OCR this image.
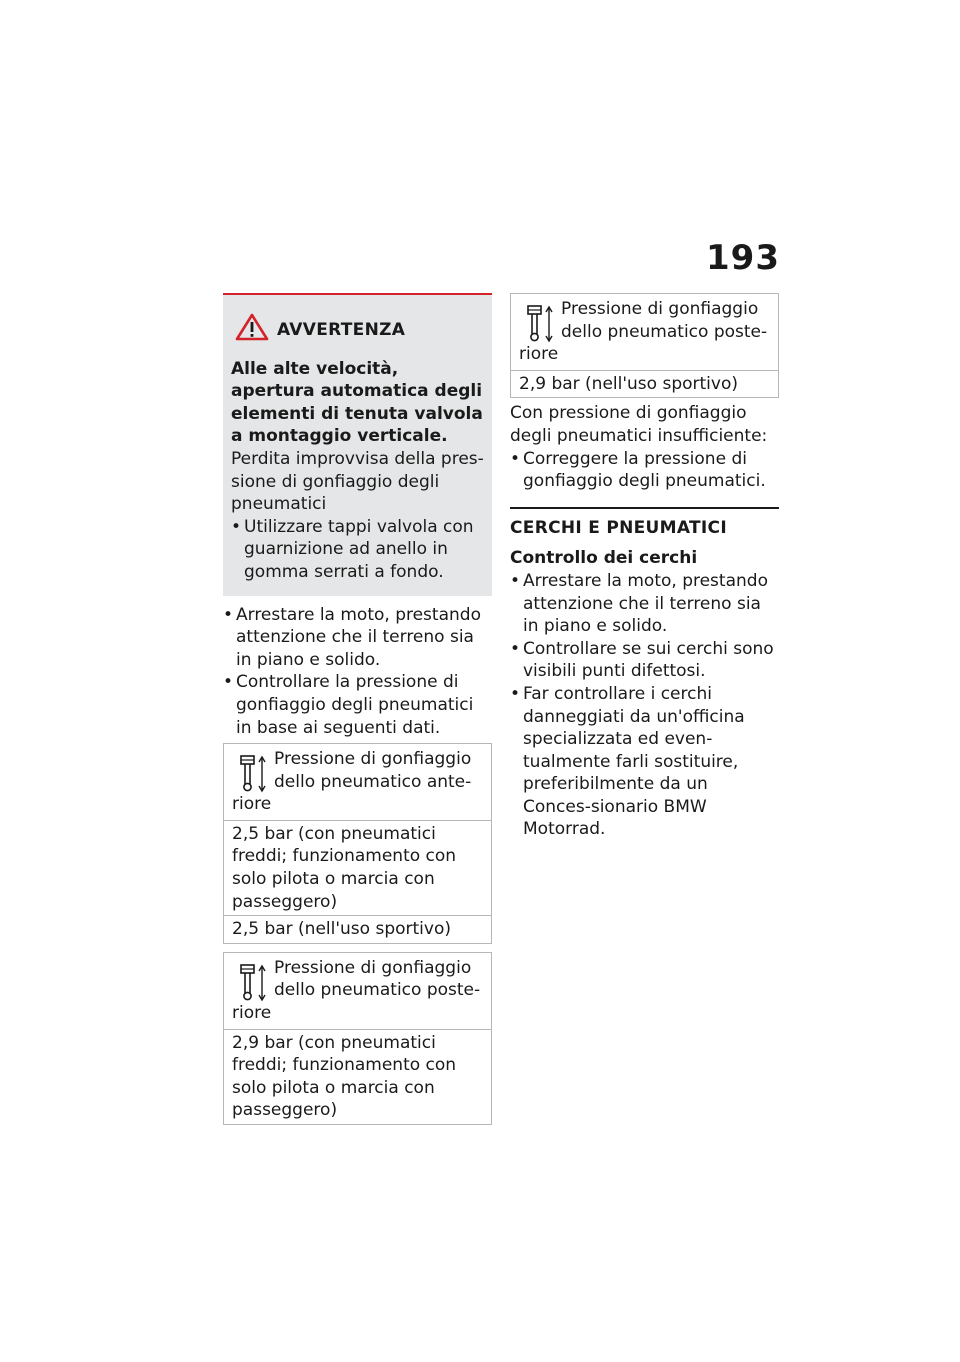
193
AVVERTENZA
Alle alte velocità, apertura automatica degli elementi di tenuta valvola a montaggio verticale.
Perdita improvvisa della pres-sione di gonfiaggio degli pneumatici
• Utilizzare tappi valvola con guarnizione ad anello in gomma serrati a fondo.
• Arrestare la moto, prestando attenzione che il terreno sia in piano e solido.
• Controllare la pressione di gonfiaggio degli pneumatici in base ai seguenti dati.
Pressione di gonfiaggio
dello pneumatico ante-
riore
2,5 bar (con pneumatici freddi; funzionamento con solo pilota o marcia con passeggero)
2,5 bar (nell'uso sportivo)
Pressione di gonfiaggio
dello pneumatico poste-
riore
2,9 bar (con pneumatici freddi; funzionamento con solo pilota o marcia con passeggero)
Pressione di gonfiaggio
dello pneumatico poste-
riore
2,9 bar (nell'uso sportivo)
Con pressione di gonfiaggio degli pneumatici insufficiente:
• Correggere la pressione di gonfiaggio degli pneumatici.
CERCHI E PNEUMATICI
Controllo dei cerchi
• Arrestare la moto, prestando attenzione che il terreno sia in piano e solido.
• Controllare se sui cerchi sono visibili punti difettosi.
• Far controllare i cerchi danneggiati da un'officina specializzata ed even-tualmente farli sostituire, preferibilmente da un Conces-sionario BMW Motorrad.
